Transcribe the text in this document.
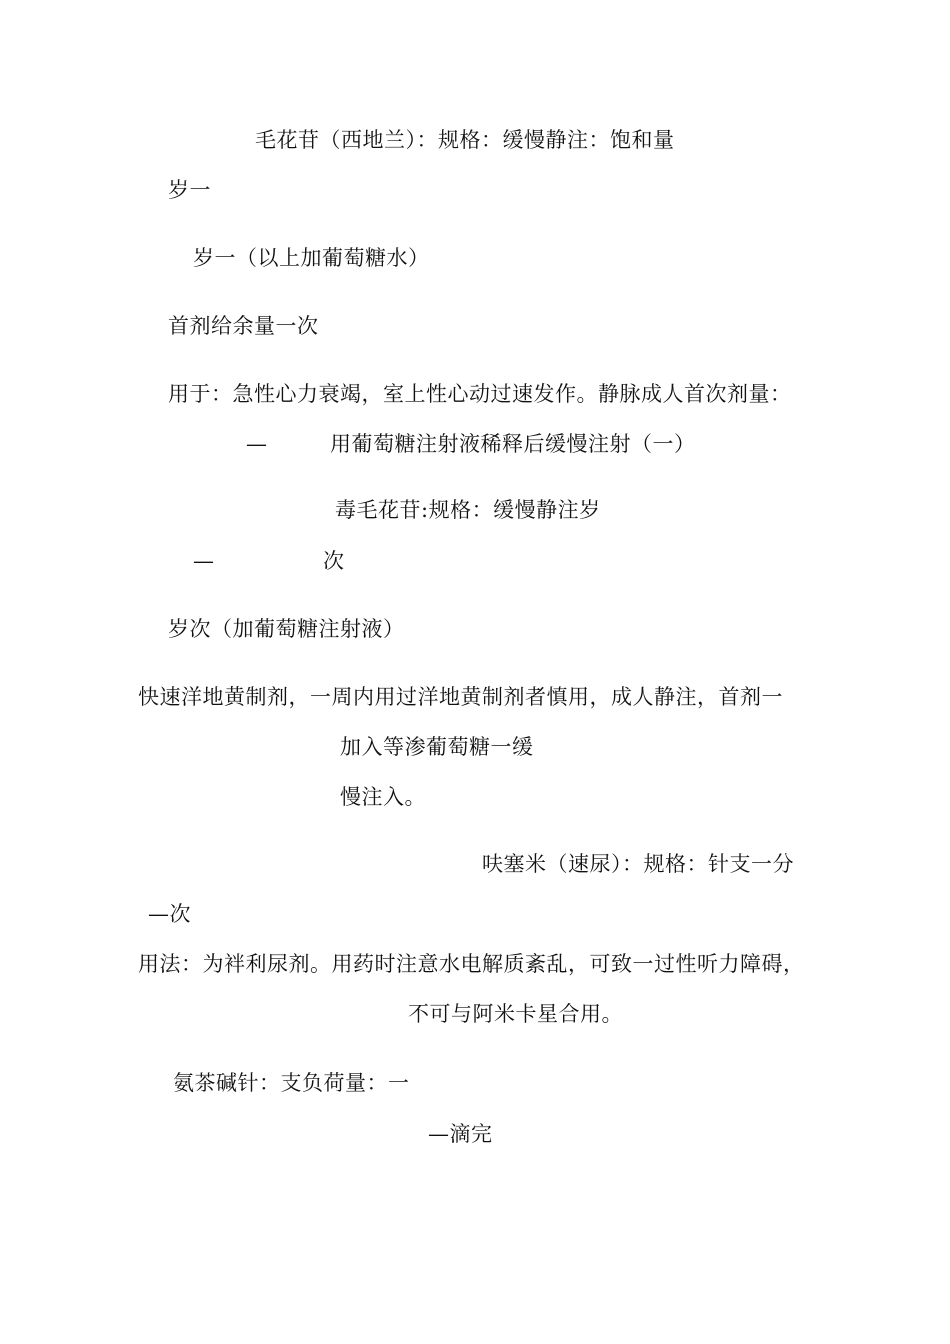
毛花苷（西地兰）：规格：缓慢静注：饱和量
岁一
岁一（以上加葡萄糖水）
首剂给余量一次
用于：急性心力衰竭，室上性心动过速发作。静脉成人首次剂量：
—	用葡萄糖注射液稀释后缓慢注射（一）
毒毛花苷:规格：缓慢静注岁
—	次
岁次（加葡萄糖注射液）
快速洋地黄制剂，一周内用过洋地黄制剂者慎用，成人静注，首剂一
加入等渗葡萄糖一缓
慢注入。
呋塞米（速尿）：规格：针支一分
—次
用法：为袢利尿剂。用药时注意水电解质紊乱，可致一过性听力障碍，
不可与阿米卡星合用。
氨茶碱针：支负荷量：一
—滴完
